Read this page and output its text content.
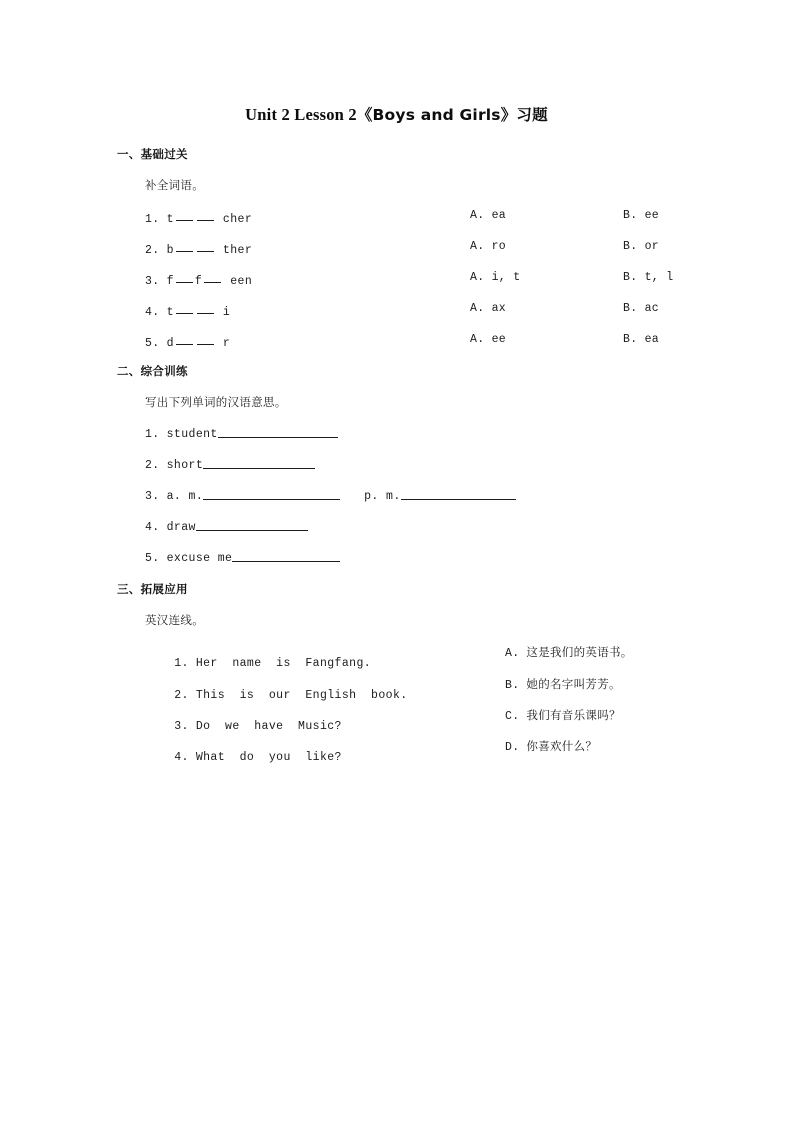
Unit 2 Lesson 2《Boys and Girls》习题
一、基础过关
补全词语。
1. t	cher	A. ea	B. ee
2. b	ther	A. ro	B. or
3. f f een	A. i, t	B. t, l
4. t	i	A. ax	B. ac
5. d	r	A. ee	B. ea
二、综合训练
写出下列单词的汉语意思。
1. student
2. short
3. a. m.	p. m.
4. draw
5. excuse me
三、拓展应用
英汉连线。

1. Her  name  is  Fangfang.

A. 这是我们的英语书。

2. This  is  our  English  book.

B. 她的名字叫芳芳。

3. Do  we  have  Music?

C. 我们有音乐课吗？

4. What  do  you  like?

D. 你喜欢什么？
